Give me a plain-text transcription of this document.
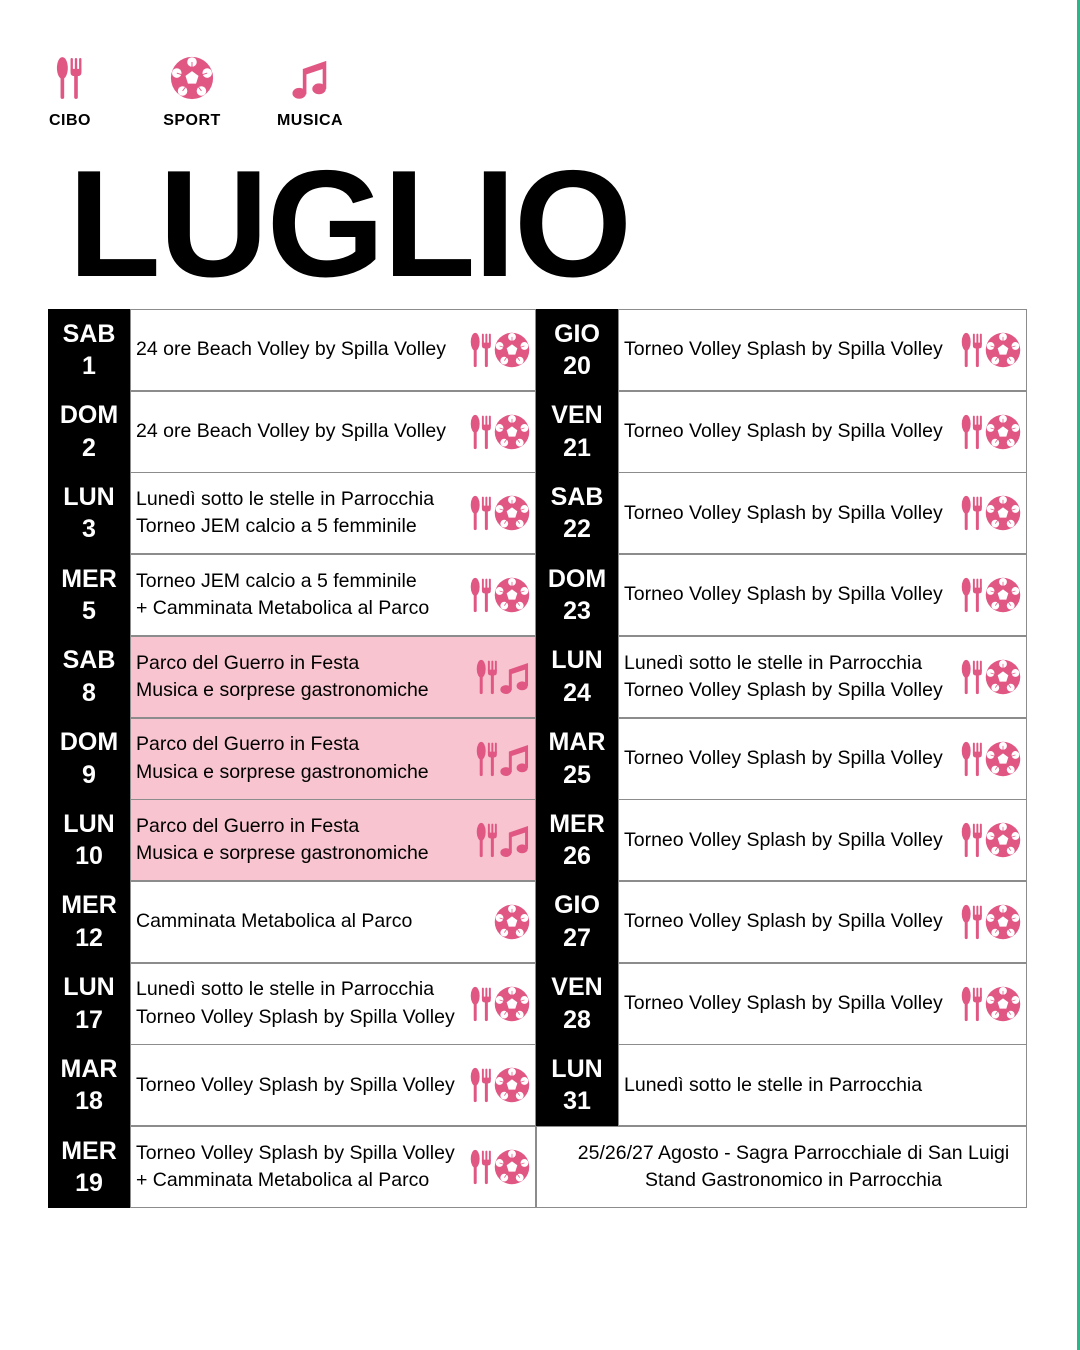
CIBO	SPORT	MUSICA
LUGLIO
SAB
1
24 ore Beach Volley by Spilla Volley
DOM
2
24 ore Beach Volley by Spilla Volley
LUN
3
Lunedì sotto le stelle in Parrocchia
Torneo JEM calcio a 5 femminile
MER
5
Torneo JEM calcio a 5 femminile
+ Camminata Metabolica al Parco
SAB
8
Parco del Guerro in Festa
Musica e sorprese gastronomiche
DOM
9
Parco del Guerro in Festa
Musica e sorprese gastronomiche
LUN
10
Parco del Guerro in Festa
Musica e sorprese gastronomiche
MER
12
Camminata Metabolica al Parco
LUN
17
Lunedì sotto le stelle in Parrocchia
Torneo Volley Splash by Spilla Volley
MAR
18
Torneo Volley Splash by Spilla Volley
MER
19
Torneo Volley Splash by Spilla Volley
+ Camminata Metabolica al Parco
GIO
20
Torneo Volley Splash by Spilla Volley
VEN
21
Torneo Volley Splash by Spilla Volley
SAB
22
Torneo Volley Splash by Spilla Volley
DOM
23
Torneo Volley Splash by Spilla Volley
LUN
24
Lunedì sotto le stelle in Parrocchia
Torneo Volley Splash by Spilla Volley
MAR
25
Torneo Volley Splash by Spilla Volley
MER
26
Torneo Volley Splash by Spilla Volley
GIO
27
Torneo Volley Splash by Spilla Volley
VEN
28
Torneo Volley Splash by Spilla Volley
LUN
31
Lunedì sotto le stelle in Parrocchia
25/26/27 Agosto - Sagra Parrocchiale di San Luigi
Stand Gastronomico in Parrocchia
